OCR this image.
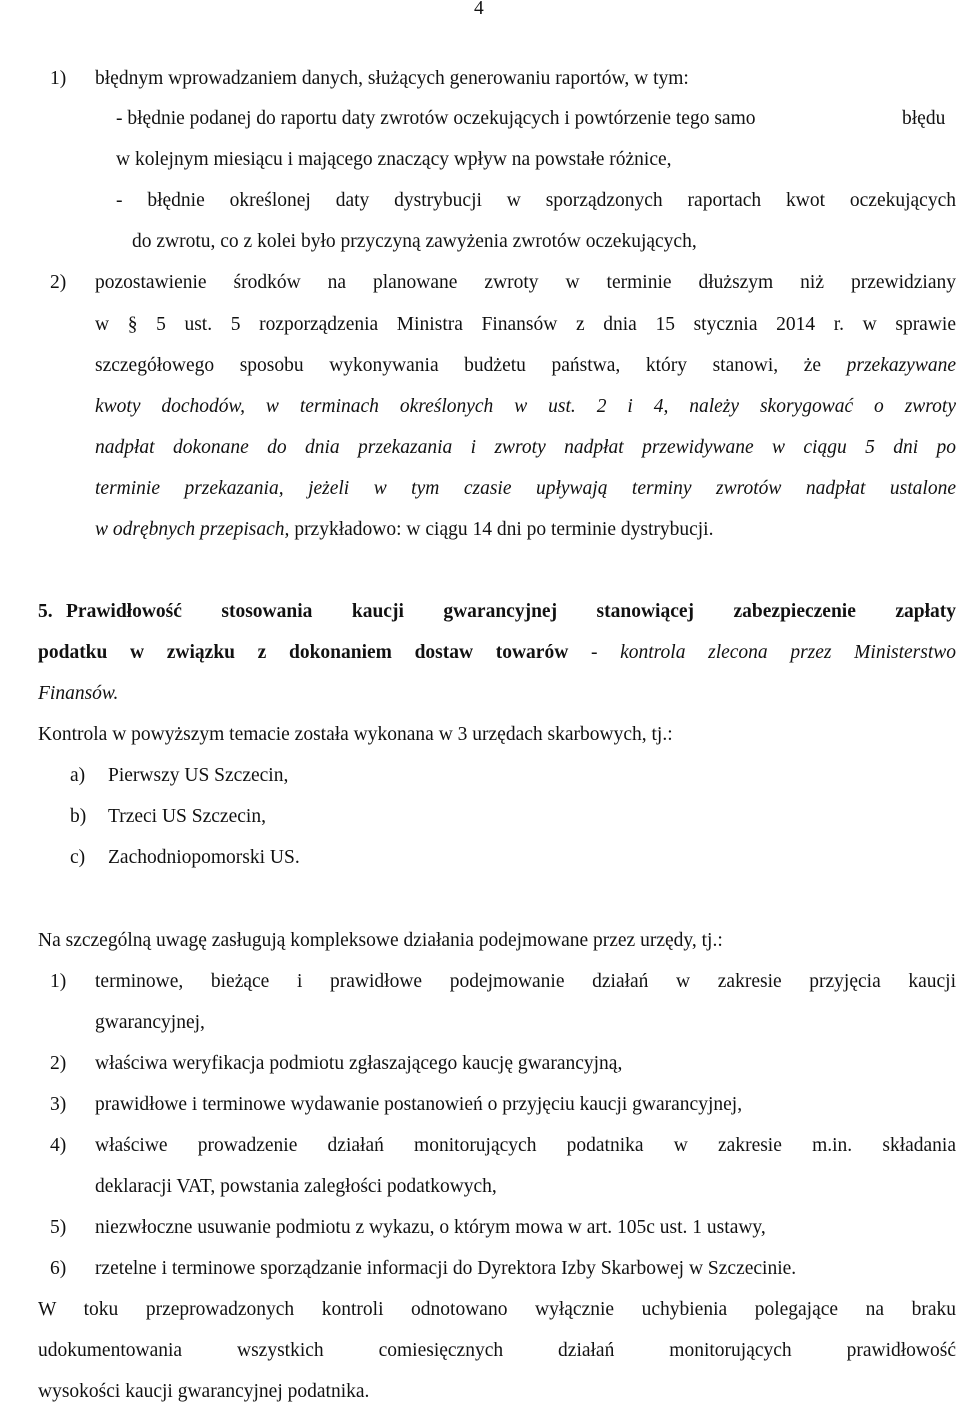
4
1) błędnym wprowadzaniem danych, służących generowaniu raportów, w tym:
- błędnie podanej do raportu daty zwrotów oczekujących i powtórzenie tego samo	błędu
w kolejnym miesiącu i mającego znaczący wpływ na powstałe różnice,
- błędnie określonej daty dystrybucji w sporządzonych raportach kwot oczekujących
do zwrotu, co z kolei było przyczyną zawyżenia zwrotów oczekujących,
2) pozostawienie środków na planowane zwroty w terminie dłuższym niż przewidziany
w § 5 ust. 5 rozporządzenia Ministra Finansów z dnia 15 stycznia 2014 r. w sprawie
szczegółowego sposobu wykonywania budżetu państwa, który stanowi, że przekazywane
kwoty dochodów, w terminach określonych w ust. 2 i 4, należy skorygować o zwroty
nadpłat dokonane do dnia przekazania i zwroty nadpłat przewidywane w ciągu 5 dni po
terminie przekazania, jeżeli w tym czasie upływają terminy zwrotów nadpłat ustalone
w odrębnych przepisach, przykładowo: w ciągu 14 dni po terminie dystrybucji.
5. Prawidłowość stosowania kaucji gwarancyjnej stanowiącej zabezpieczenie zapłaty
podatku w związku z dokonaniem dostaw towarów - kontrola zlecona przez Ministerstwo
Finansów.
Kontrola w powyższym temacie została wykonana w 3 urzędach skarbowych, tj.:
a) Pierwszy US Szczecin,
b) Trzeci US Szczecin,
c) Zachodniopomorski US.
Na szczególną uwagę zasługują kompleksowe działania podejmowane przez urzędy, tj.:
1) terminowe, bieżące i prawidłowe podejmowanie działań w zakresie przyjęcia kaucji
gwarancyjnej,
2) właściwa weryfikacja podmiotu zgłaszającego kaucję gwarancyjną,
3) prawidłowe i terminowe wydawanie postanowień o przyjęciu kaucji gwarancyjnej,
4) właściwe prowadzenie działań monitorujących podatnika w zakresie m.in. składania
deklaracji VAT, powstania zaległości podatkowych,
5) niezwłoczne usuwanie podmiotu z wykazu, o którym mowa w art. 105c ust. 1 ustawy,
6) rzetelne i terminowe sporządzanie informacji do Dyrektora Izby Skarbowej w Szczecinie.
W toku przeprowadzonych kontroli odnotowano wyłącznie uchybienia polegające na braku
udokumentowania wszystkich comiesięcznych działań monitorujących prawidłowość
wysokości kaucji gwarancyjnej podatnika.
